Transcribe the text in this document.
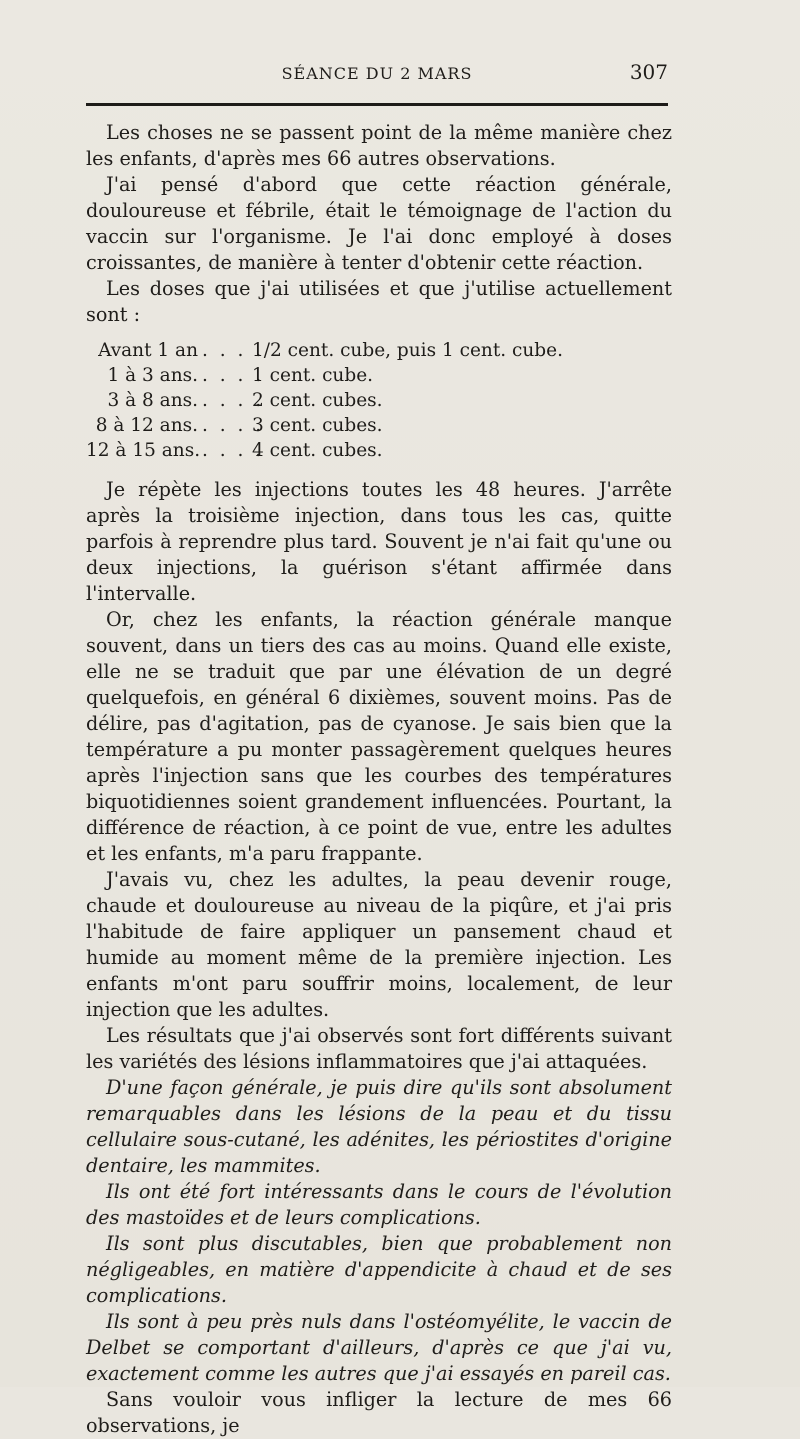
SÉANCE DU 2 MARS	307

Les choses ne se passent point de la même manière chez les enfants, d'après mes 66 autres observations.

J'ai pensé d'abord que cette réaction générale, douloureuse et fébrile, était le témoignage de l'action du vaccin sur l'organisme. Je l'ai donc employé à doses croissantes, de manière à tenter d'obtenir cette réaction.

Les doses que j'ai utilisées et que j'utilise actuellement sont :

Avant 1 an . . . .
1/2 cent. cube, puis 1 cent. cube.
1 à 3 ans. . . . .
1 cent. cube.
3 à 8 ans. . . . .
2 cent. cubes.
8 à 12 ans. . . . .
3 cent. cubes.
12 à 15 ans. . . . .
4 cent. cubes.

Je répète les injections toutes les 48 heures. J'arrête après la troisième injection, dans tous les cas, quitte parfois à reprendre plus tard. Souvent je n'ai fait qu'une ou deux injections, la guérison s'étant affirmée dans l'intervalle.

Or, chez les enfants, la réaction générale manque souvent, dans un tiers des cas au moins. Quand elle existe, elle ne se traduit que par une élévation de un degré quelquefois, en général 6 dixièmes, souvent moins. Pas de délire, pas d'agitation, pas de cyanose. Je sais bien que la température a pu monter passagèrement quelques heures après l'injection sans que les courbes des températures biquotidiennes soient grandement influencées. Pourtant, la différence de réaction, à ce point de vue, entre les adultes et les enfants, m'a paru frappante.

J'avais vu, chez les adultes, la peau devenir rouge, chaude et douloureuse au niveau de la piqûre, et j'ai pris l'habitude de faire appliquer un pansement chaud et humide au moment même de la première injection. Les enfants m'ont paru souffrir moins, localement, de leur injection que les adultes.

Les résultats que j'ai observés sont fort différents suivant les variétés des lésions inflammatoires que j'ai attaquées.

D'une façon générale, je puis dire qu'ils sont absolument remarquables dans les lésions de la peau et du tissu cellulaire sous-cutané, les adénites, les périostites d'origine dentaire, les mammites.

Ils ont été fort intéressants dans le cours de l'évolution des mastoïdes et de leurs complications.

Ils sont plus discutables, bien que probablement non négligeables, en matière d'appendicite à chaud et de ses complications.

Ils sont à peu près nuls dans l'ostéomyélite, le vaccin de Delbet se comportant d'ailleurs, d'après ce que j'ai vu, exactement comme les autres que j'ai essayés en pareil cas.

Sans vouloir vous infliger la lecture de mes 66 observations, je
